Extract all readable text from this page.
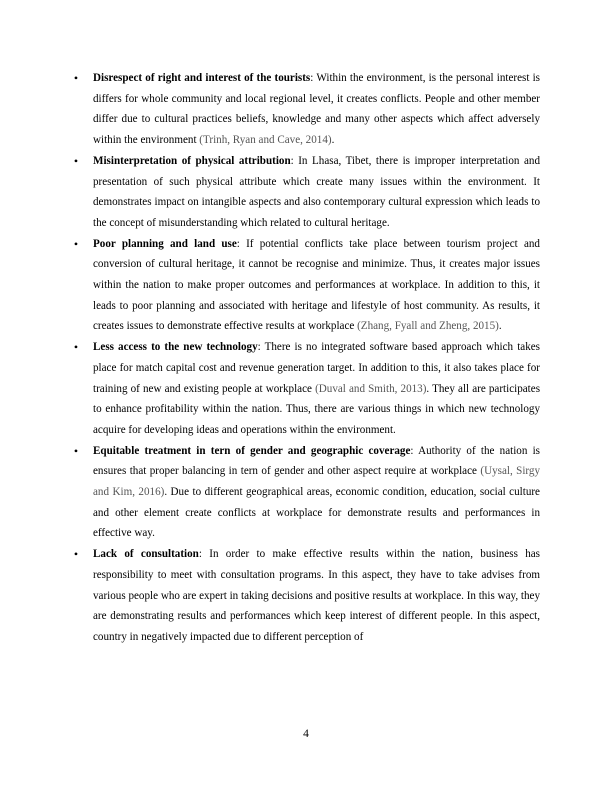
• Disrespect of right and interest of the tourists: Within the environment, is the personal interest is differs for whole community and local regional level, it creates conflicts. People and other member differ due to cultural practices beliefs, knowledge and many other aspects which affect adversely within the environment (Trinh, Ryan and Cave, 2014).
• Misinterpretation of physical attribution: In Lhasa, Tibet, there is improper interpretation and presentation of such physical attribute which create many issues within the environment. It demonstrates impact on intangible aspects and also contemporary cultural expression which leads to the concept of misunderstanding which related to cultural heritage.
• Poor planning and land use: If potential conflicts take place between tourism project and conversion of cultural heritage, it cannot be recognise and minimize. Thus, it creates major issues within the nation to make proper outcomes and performances at workplace. In addition to this, it leads to poor planning and associated with heritage and lifestyle of host community. As results, it creates issues to demonstrate effective results at workplace (Zhang, Fyall and Zheng, 2015).
• Less access to the new technology: There is no integrated software based approach which takes place for match capital cost and revenue generation target. In addition to this, it also takes place for training of new and existing people at workplace (Duval and Smith, 2013). They all are participates to enhance profitability within the nation. Thus, there are various things in which new technology acquire for developing ideas and operations within the environment.
• Equitable treatment in tern of gender and geographic coverage: Authority of the nation is ensures that proper balancing in tern of gender and other aspect require at workplace (Uysal, Sirgy and Kim, 2016). Due to different geographical areas, economic condition, education, social culture and other element create conflicts at workplace for demonstrate results and performances in effective way.
• Lack of consultation: In order to make effective results within the nation, business has responsibility to meet with consultation programs. In this aspect, they have to take advises from various people who are expert in taking decisions and positive results at workplace. In this way, they are demonstrating results and performances which keep interest of different people. In this aspect, country in negatively impacted due to different perception of
4
